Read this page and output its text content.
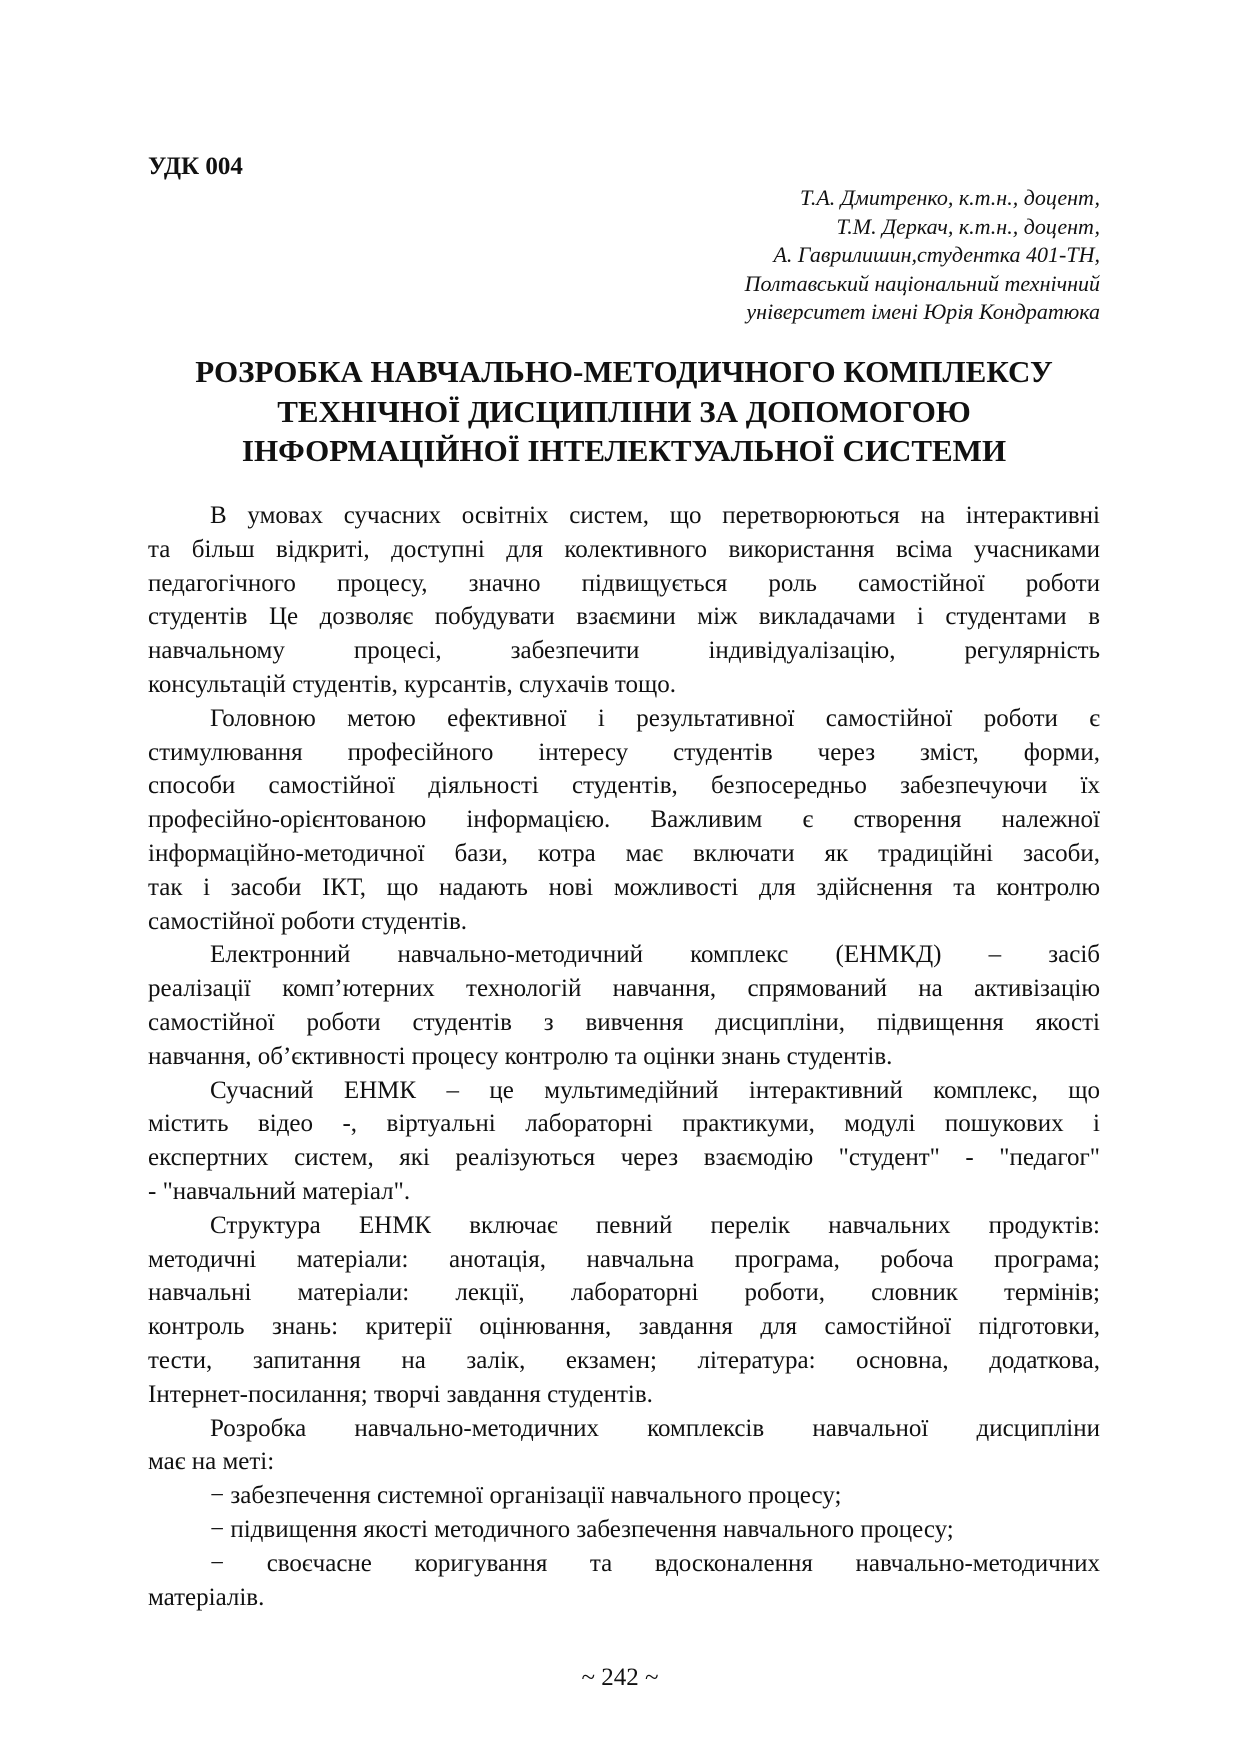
УДК 004
Т.А. Дмитренко, к.т.н., доцент,
Т.М. Деркач, к.т.н., доцент,
А. Гаврилишин,студентка 401-ТН,
Полтавський національний технічний
університет імені Юрія Кондратюка
РОЗРОБКА НАВЧАЛЬНО-МЕТОДИЧНОГО КОМПЛЕКСУ
ТЕХНІЧНОЇ ДИСЦИПЛІНИ ЗА ДОПОМОГОЮ
ІНФОРМАЦІЙНОЇ ІНТЕЛЕКТУАЛЬНОЇ СИСТЕМИ
В умовах сучасних освітніх систем, що перетворюються на інтерактивні
та більш відкриті, доступні для колективного використання всіма учасниками
педагогічного процесу, значно підвищується роль самостійної роботи
студентів Це дозволяє побудувати взаємини між викладачами і студентами в
навчальному процесі, забезпечити індивідуалізацію, регулярність
консультацій студентів, курсантів, слухачів тощо.
Головною метою ефективної і результативної самостійної роботи є
стимулювання професійного інтересу студентів через зміст, форми,
способи самостійної діяльності студентів, безпосередньо забезпечуючи їх
професійно-орієнтованою інформацією. Важливим є створення належної
інформаційно-методичної бази, котра має включати як традиційні засоби,
так і засоби ІКТ, що надають нові можливості для здійснення та контролю
самостійної роботи студентів.
Електронний навчально-методичний комплекс (ЕНМКД) – засіб
реалізації комп’ютерних технологій навчання, спрямований на активізацію
самостійної роботи студентів з вивчення дисципліни, підвищення якості
навчання, об’єктивності процесу контролю та оцінки знань студентів.
Сучасний ЕНМК – це мультимедійний інтерактивний комплекс, що
містить відео -, віртуальні лабораторні практикуми, модулі пошукових і
експертних систем, які реалізуються через взаємодію "студент" - "педагог"
- "навчальний матеріал".
Структура ЕНМК включає певний перелік навчальних продуктів:
методичні матеріали: анотація, навчальна програма, робоча програма;
навчальні матеріали: лекції, лабораторні роботи, словник термінів;
контроль знань: критерії оцінювання, завдання для самостійної підготовки,
тести, запитання на залік, екзамен; література: основна, додаткова,
Інтернет-посилання; творчі завдання студентів.
Розробка навчально-методичних комплексів навчальної дисципліни
має на меті:
− забезпечення системної організації навчального процесу;
− підвищення якості методичного забезпечення навчального процесу;
− своєчасне коригування та вдосконалення навчально-методичних
матеріалів.
~ 242 ~
